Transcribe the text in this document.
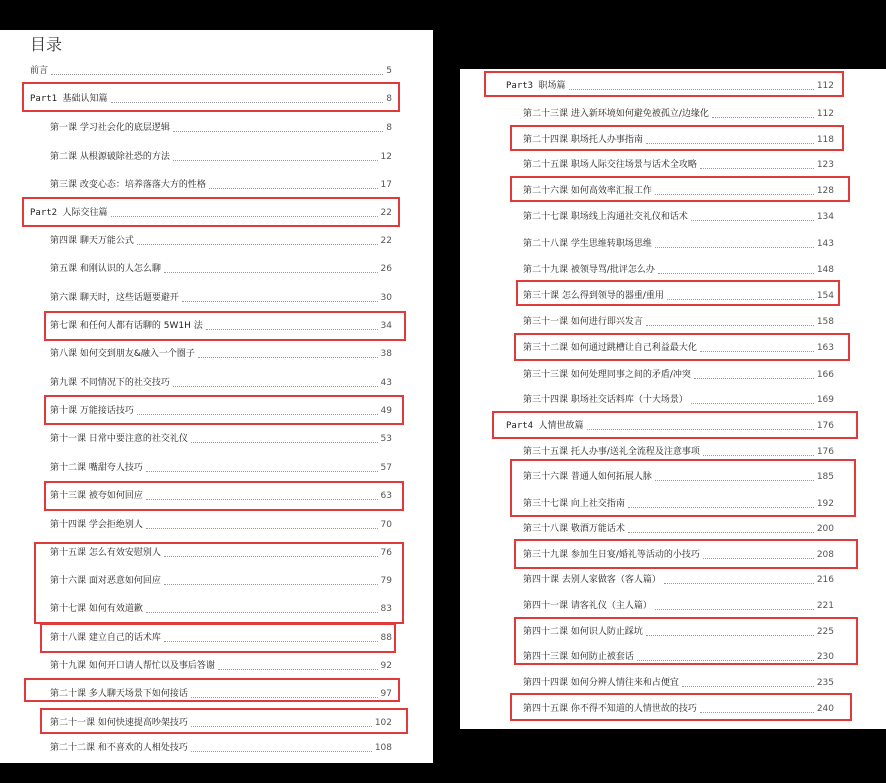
目录
前言	5
Part1 基础认知篇	8
第一课 学习社会化的底层逻辑	8
第二课 从根源破除社恐的方法	12
第三课 改变心态：培养落落大方的性格	17
Part2 人际交往篇	22
第四课 聊天万能公式	22
第五课 和刚认识的人怎么聊	26
第六课 聊天时，这些话题要避开	30
第七课 和任何人都有话聊的 5W1H 法	34
第八课 如何交到朋友&融入一个圈子	38
第九课 不同情况下的社交技巧	43
第十课 万能接话技巧	49
第十一课 日常中要注意的社交礼仪	53
第十二课 嘴甜夸人技巧	57
第十三课 被夸如何回应	63
第十四课 学会拒绝别人	70
第十五课 怎么有效安慰别人	76
第十六课 面对恶意如何回应	79
第十七课 如何有效道歉	83
第十八课 建立自己的话术库	88
第十九课 如何开口请人帮忙以及事后答谢	92
第二十课 多人聊天场景下如何接话	97
第二十一课 如何快速提高吵架技巧	102
第二十二课 和不喜欢的人相处技巧	108
Part3 职场篇	112
第二十三课 进入新环境如何避免被孤立/边缘化	112
第二十四课 职场托人办事指南	118
第二十五课 职场人际交往场景与话术全攻略	123
第二十六课 如何高效率汇报工作	128
第二十七课 职场线上沟通社交礼仪和话术	134
第二十八课 学生思维转职场思维	143
第二十九课 被领导骂/批评怎么办	148
第三十课 怎么得到领导的器重/重用	154
第三十一课 如何进行即兴发言	158
第三十二课 如何通过跳槽让自己利益最大化	163
第三十三课 如何处理同事之间的矛盾/冲突	166
第三十四课 职场社交话料库（十大场景）	169
Part4 人情世故篇	176
第三十五课 托人办事/送礼全流程及注意事项	176
第三十六课 普通人如何拓展人脉	185
第三十七课 向上社交指南	192
第三十八课 敬酒万能话术	200
第三十九课 参加生日宴/婚礼等活动的小技巧	208
第四十课 去别人家做客（客人篇）	216
第四十一课 请客礼仪（主人篇）	221
第四十二课 如何识人防止踩坑	225
第四十三课 如何防止被套话	230
第四十四课 如何分辨人情往来和占便宜	235
第四十五课 你不得不知道的人情世故的技巧	240
